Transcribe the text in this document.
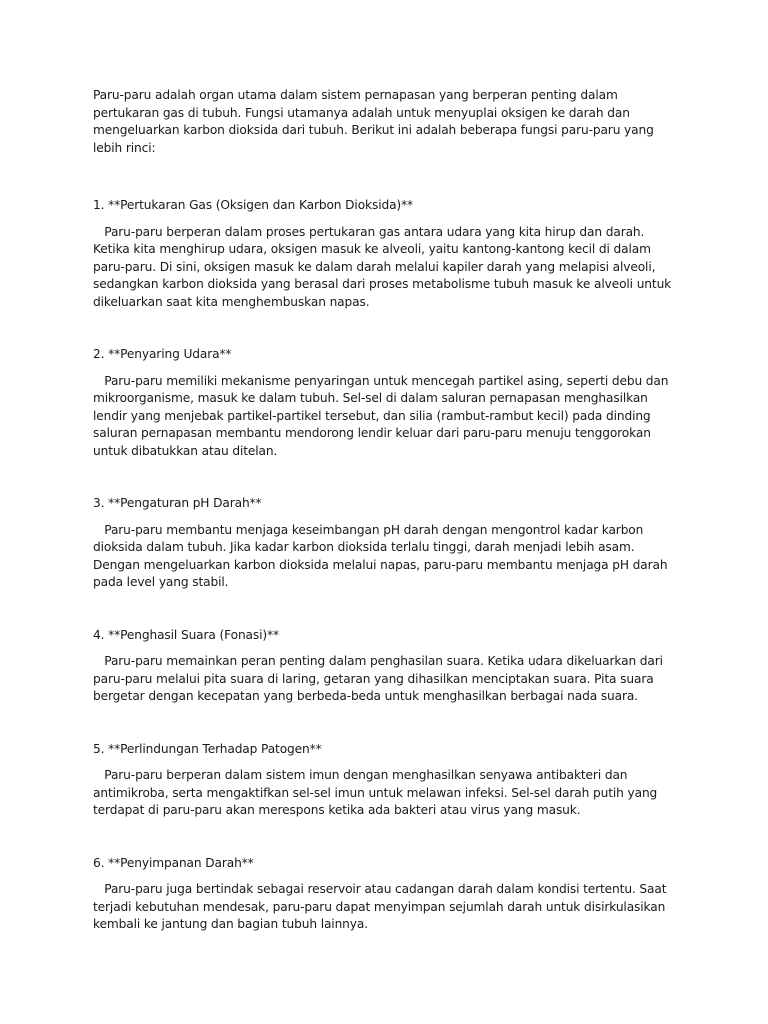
Paru-paru adalah organ utama dalam sistem pernapasan yang berperan penting dalam pertukaran gas di tubuh. Fungsi utamanya adalah untuk menyuplai oksigen ke darah dan mengeluarkan karbon dioksida dari tubuh. Berikut ini adalah beberapa fungsi paru-paru yang lebih rinci:

1. **Pertukaran Gas (Oksigen dan Karbon Dioksida)**

Paru-paru berperan dalam proses pertukaran gas antara udara yang kita hirup dan darah. Ketika kita menghirup udara, oksigen masuk ke alveoli, yaitu kantong-kantong kecil di dalam paru-paru. Di sini, oksigen masuk ke dalam darah melalui kapiler darah yang melapisi alveoli, sedangkan karbon dioksida yang berasal dari proses metabolisme tubuh masuk ke alveoli untuk dikeluarkan saat kita menghembuskan napas.

2. **Penyaring Udara**

Paru-paru memiliki mekanisme penyaringan untuk mencegah partikel asing, seperti debu dan mikroorganisme, masuk ke dalam tubuh. Sel-sel di dalam saluran pernapasan menghasilkan lendir yang menjebak partikel-partikel tersebut, dan silia (rambut-rambut kecil) pada dinding saluran pernapasan membantu mendorong lendir keluar dari paru-paru menuju tenggorokan untuk dibatukkan atau ditelan.

3. **Pengaturan pH Darah**

Paru-paru membantu menjaga keseimbangan pH darah dengan mengontrol kadar karbon dioksida dalam tubuh. Jika kadar karbon dioksida terlalu tinggi, darah menjadi lebih asam. Dengan mengeluarkan karbon dioksida melalui napas, paru-paru membantu menjaga pH darah pada level yang stabil.

4. **Penghasil Suara (Fonasi)**

Paru-paru memainkan peran penting dalam penghasilan suara. Ketika udara dikeluarkan dari paru-paru melalui pita suara di laring, getaran yang dihasilkan menciptakan suara. Pita suara bergetar dengan kecepatan yang berbeda-beda untuk menghasilkan berbagai nada suara.

5. **Perlindungan Terhadap Patogen**

Paru-paru berperan dalam sistem imun dengan menghasilkan senyawa antibakteri dan antimikroba, serta mengaktifkan sel-sel imun untuk melawan infeksi. Sel-sel darah putih yang terdapat di paru-paru akan merespons ketika ada bakteri atau virus yang masuk.

6. **Penyimpanan Darah**

Paru-paru juga bertindak sebagai reservoir atau cadangan darah dalam kondisi tertentu. Saat terjadi kebutuhan mendesak, paru-paru dapat menyimpan sejumlah darah untuk disirkulasikan kembali ke jantung dan bagian tubuh lainnya.
